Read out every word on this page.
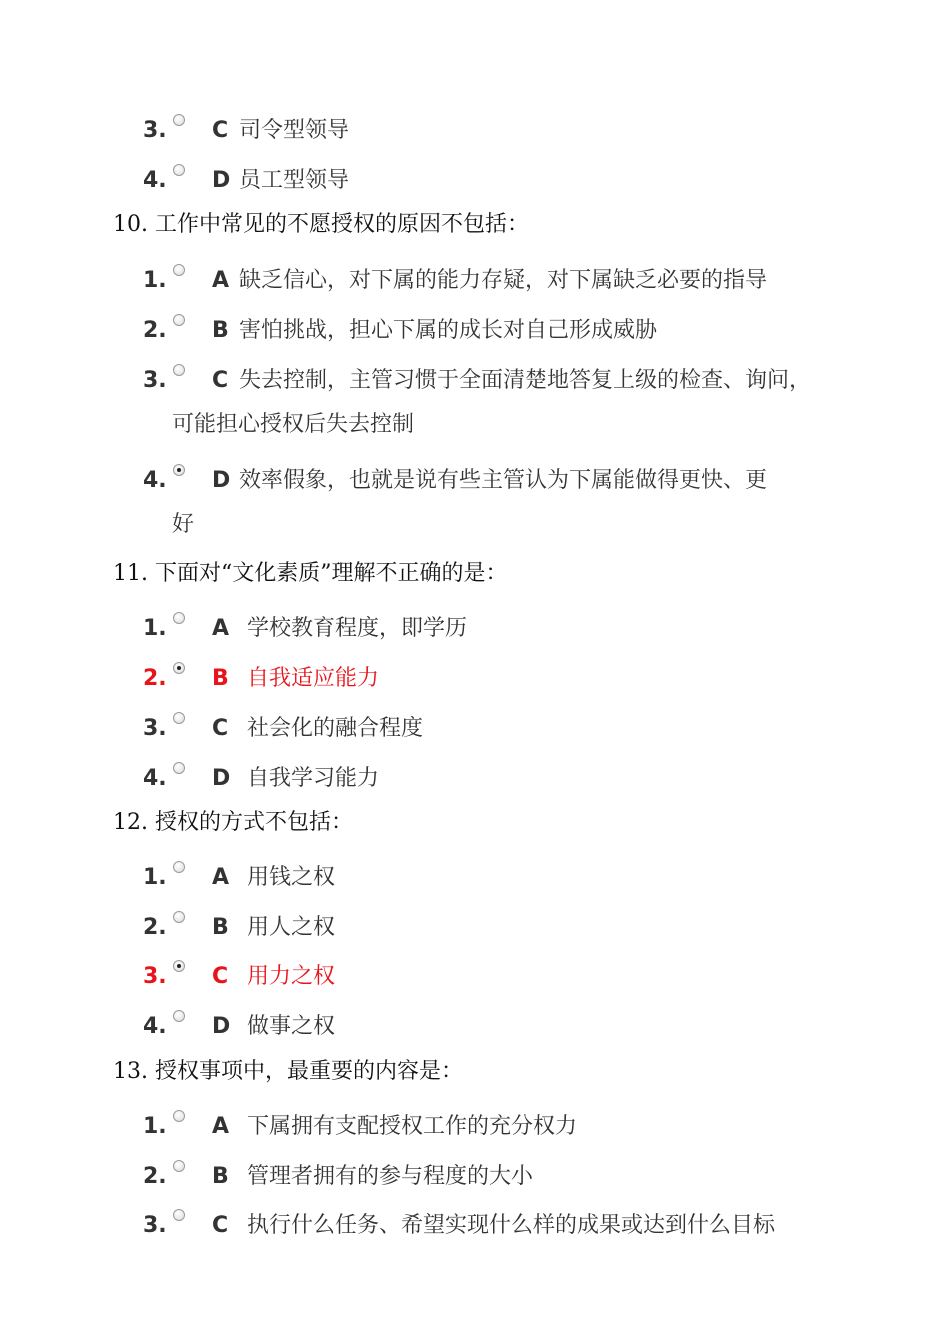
3. C 司令型领导
4. D 员工型领导
10. 工作中常见的不愿授权的原因不包括：
1. A 缺乏信心，对下属的能力存疑，对下属缺乏必要的指导
2. B 害怕挑战，担心下属的成长对自己形成威胁
3. C 失去控制，主管习惯于全面清楚地答复上级的检查、询问，
可能担心授权后失去控制
4. D 效率假象，也就是说有些主管认为下属能做得更快、更
好
11. 下面对“文化素质”理解不正确的是：
1. A 学校教育程度，即学历
2. B 自我适应能力
3. C 社会化的融合程度
4. D 自我学习能力
12. 授权的方式不包括：
1. A 用钱之权
2. B 用人之权
3. C 用力之权
4. D 做事之权
13. 授权事项中，最重要的内容是：
1. A 下属拥有支配授权工作的充分权力
2. B 管理者拥有的参与程度的大小
3. C 执行什么任务、希望实现什么样的成果或达到什么目标
